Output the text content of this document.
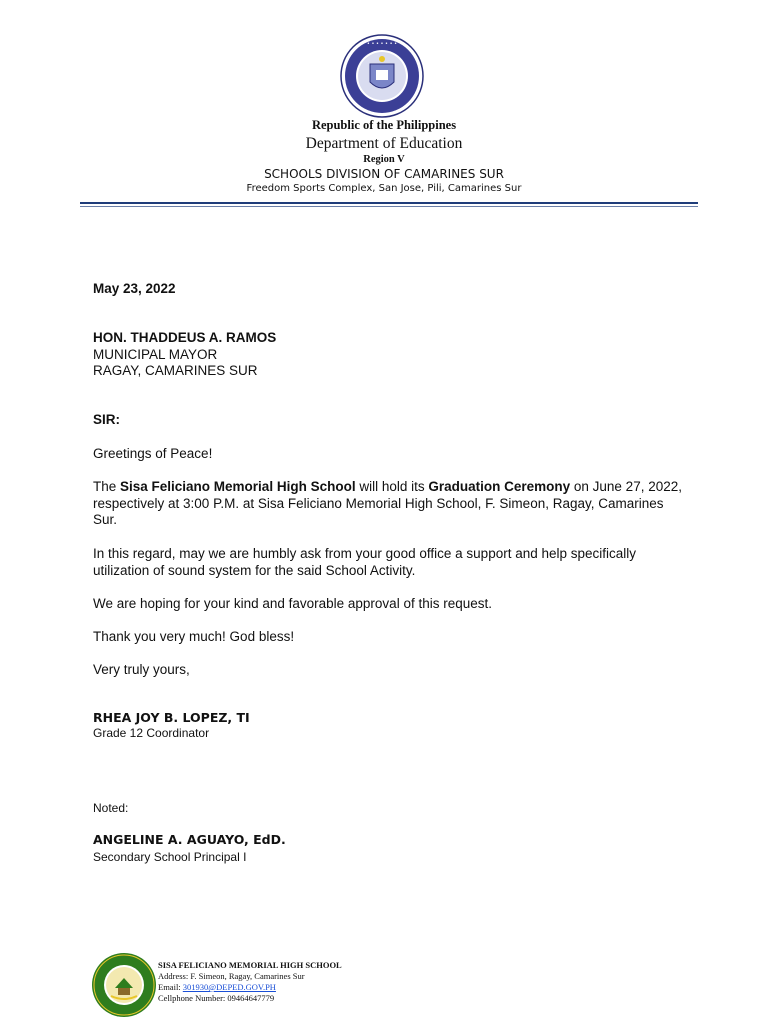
• • • • • • •
Republic of the Philippines
Department of Education
Region V
SCHOOLS DIVISION OF CAMARINES SUR
Freedom Sports Complex, San Jose, Pili, Camarines Sur

May 23, 2022

HON. THADDEUS A. RAMOS

MUNICIPAL MAYOR

RAGAY, CAMARINES SUR

SIR:

Greetings of Peace!

The Sisa Feliciano Memorial High School will hold its Graduation Ceremony on June 27, 2022, respectively at 3:00 P.M. at Sisa Feliciano Memorial High School, F. Simeon, Ragay, Camarines Sur.

In this regard, may we are humbly ask from your good office a support and help specifically utilization of sound system for the said School Activity.

We are hoping for your kind and favorable approval of this request.

Thank you very much! God bless!

Very truly yours,

RHEA JOY B. LOPEZ, TI

Grade 12 Coordinator

Noted:

ANGELINE A. AGUAYO, EdD.

Secondary School Principal I

SISA FELICIANO MEMORIAL HIGH SCHOOL
Address: F. Simeon, Ragay, Camarines Sur
Email: 301930@DEPED.GOV.PH
Cellphone Number: 09464647779
